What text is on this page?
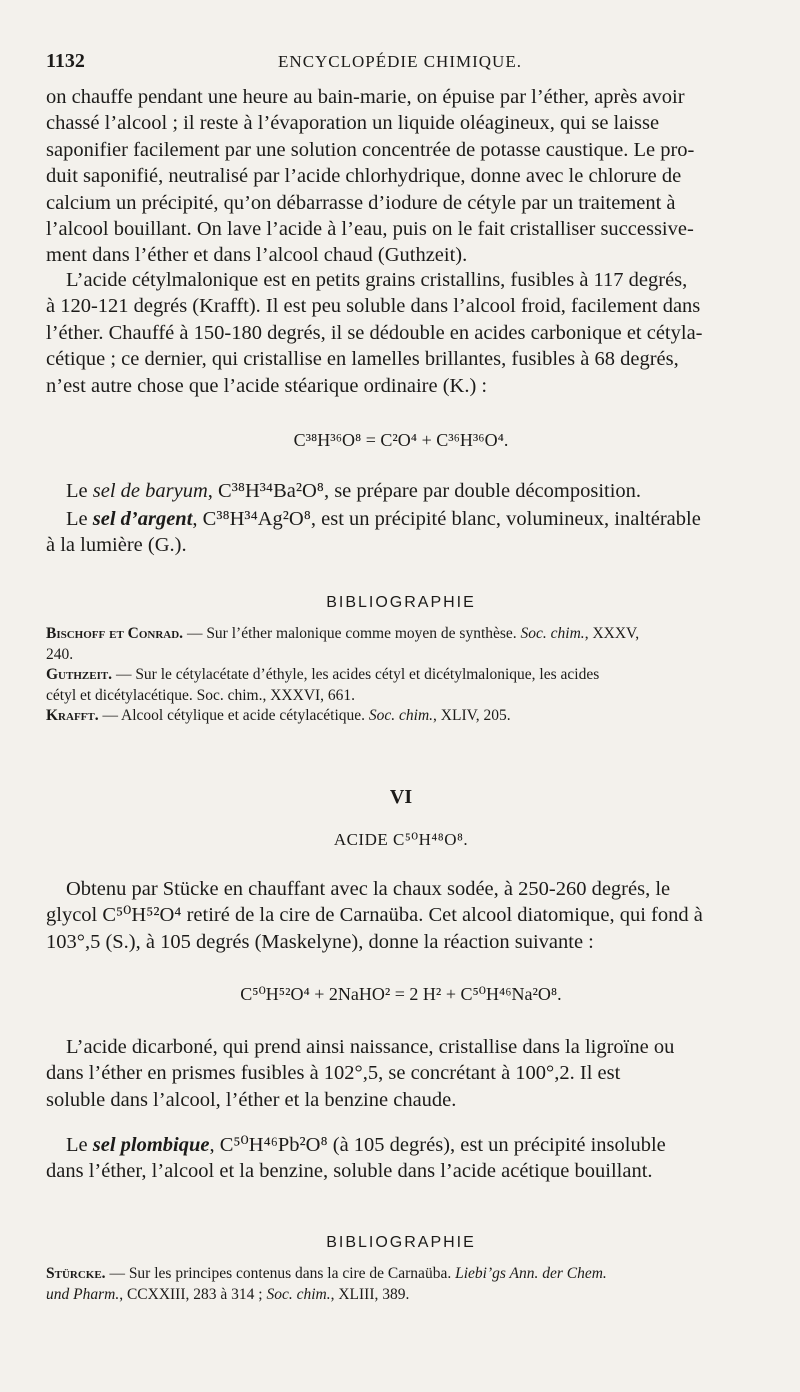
1132	ENCYCLOPÉDIE CHIMIQUE.
on chauffe pendant une heure au bain-marie, on épuise par l’éther, après avoir
chassé l’alcool ; il reste à l’évaporation un liquide oléagineux, qui se laisse
saponifier facilement par une solution concentrée de potasse caustique. Le pro-
duit saponifié, neutralisé par l’acide chlorhydrique, donne avec le chlorure de
calcium un précipité, qu’on débarrasse d’iodure de cétyle par un traitement à
l’alcool bouillant. On lave l’acide à l’eau, puis on le fait cristalliser successive-
ment dans l’éther et dans l’alcool chaud (Guthzeit).
L’acide cétylmalonique est en petits grains cristallins, fusibles à 117 degrés,
à 120-121 degrés (Krafft). Il est peu soluble dans l’alcool froid, facilement dans
l’éther. Chauffé à 150-180 degrés, il se dédouble en acides carbonique et cétyla-
cétique ; ce dernier, qui cristallise en lamelles brillantes, fusibles à 68 degrés,
n’est autre chose que l’acide stéarique ordinaire (K.) :
C³⁸H³⁶O⁸ = C²O⁴ + C³⁶H³⁶O⁴.
Le sel de baryum, C³⁸H³⁴Ba²O⁸, se prépare par double décomposition.
Le sel d’argent, C³⁸H³⁴Ag²O⁸, est un précipité blanc, volumineux, inaltérable
à la lumière (G.).
BIBLIOGRAPHIE
Bischoff et Conrad. — Sur l’éther malonique comme moyen de synthèse. Soc. chim., XXXV,
240.
Guthzeit. — Sur le cétylacétate d’éthyle, les acides cétyl et dicétylmalonique, les acides
cétyl et dicétylacétique. Soc. chim., XXXVI, 661.
Krafft. — Alcool cétylique et acide cétylacétique. Soc. chim., XLIV, 205.
VI
ACIDE C⁵⁰H⁴⁸O⁸.
Obtenu par Stücke en chauffant avec la chaux sodée, à 250-260 degrés, le
glycol C⁵⁰H⁵²O⁴ retiré de la cire de Carnaüba. Cet alcool diatomique, qui fond à
103°,5 (S.), à 105 degrés (Maskelyne), donne la réaction suivante :
C⁵⁰H⁵²O⁴ + 2NaHO² = 2 H² + C⁵⁰H⁴⁶Na²O⁸.
L’acide dicarboné, qui prend ainsi naissance, cristallise dans la ligroïne ou
dans l’éther en prismes fusibles à 102°,5, se concrétant à 100°,2. Il est
soluble dans l’alcool, l’éther et la benzine chaude.
Le sel plombique, C⁵⁰H⁴⁶Pb²O⁸ (à 105 degrés), est un précipité insoluble
dans l’éther, l’alcool et la benzine, soluble dans l’acide acétique bouillant.
BIBLIOGRAPHIE
Stürcke. — Sur les principes contenus dans la cire de Carnaüba. Liebi’gs Ann. der Chem.
und Pharm., CCXXIII, 283 à 314 ; Soc. chim., XLIII, 389.
